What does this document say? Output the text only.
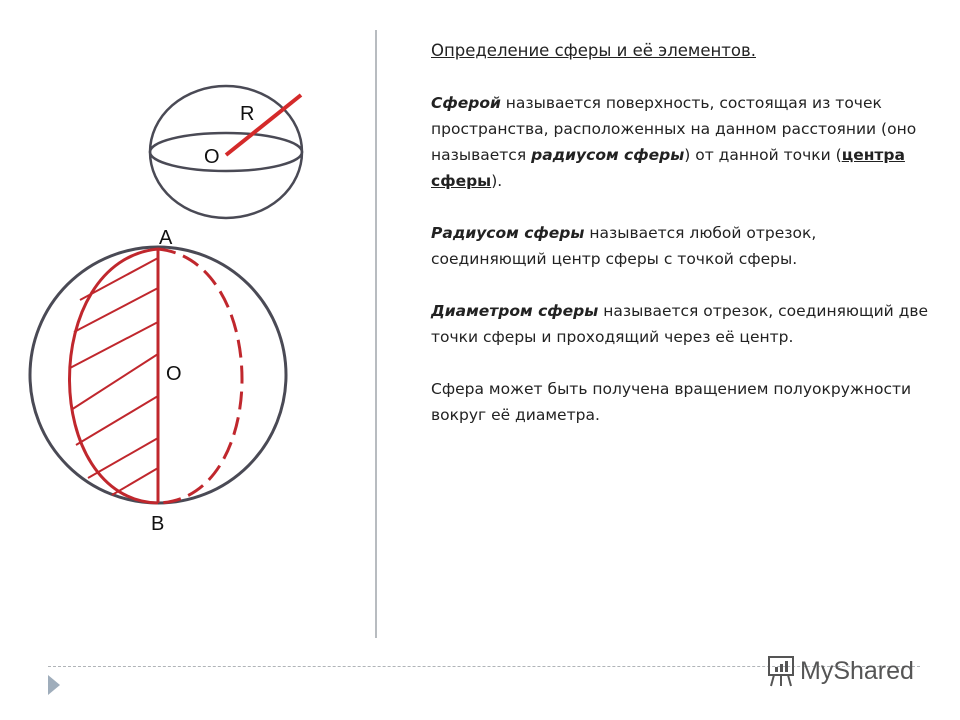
R
O
A
O
B
Определение сферы и её элементов.
Сферой называется поверхность, состоящая из точек пространства, расположенных на данном расстоянии (оно называется радиусом сферы) от данной точки (центра сферы).
Радиусом сферы называется любой отрезок, соединяющий центр сферы с точкой сферы.
Диаметром сферы называется отрезок, соединяющий две точки сферы и проходящий через её центр.
Сфера может быть получена вращением полуокружности вокруг её диаметра.
MyShared
